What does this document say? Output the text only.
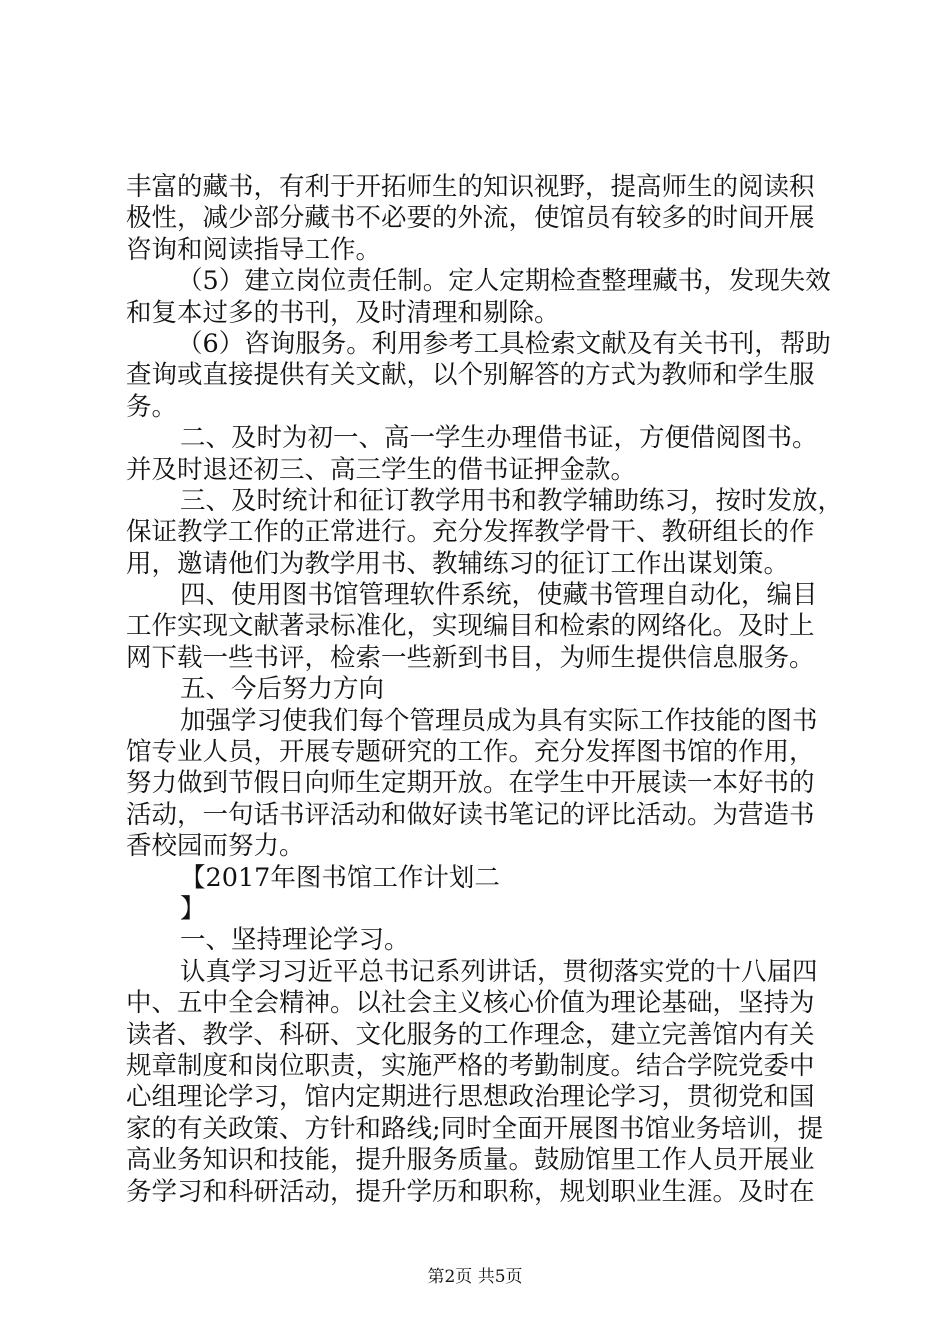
丰富的藏书，有利于开拓师生的知识视野，提高师生的阅读积
极性，减少部分藏书不必要的外流，使馆员有较多的时间开展
咨询和阅读指导工作。
（5）建立岗位责任制。定人定期检查整理藏书，发现失效
和复本过多的书刊，及时清理和剔除。
（6）咨询服务。利用参考工具检索文献及有关书刊，帮助
查询或直接提供有关文献，以个别解答的方式为教师和学生服
务。
二、及时为初一、高一学生办理借书证，方便借阅图书。
并及时退还初三、高三学生的借书证押金款。
三、及时统计和征订教学用书和教学辅助练习，按时发放，
保证教学工作的正常进行。充分发挥教学骨干、教研组长的作
用，邀请他们为教学用书、教辅练习的征订工作出谋划策。
四、使用图书馆管理软件系统，使藏书管理自动化，编目
工作实现文献著录标准化，实现编目和检索的网络化。及时上
网下载一些书评，检索一些新到书目，为师生提供信息服务。
五、今后努力方向
加强学习使我们每个管理员成为具有实际工作技能的图书
馆专业人员，开展专题研究的工作。充分发挥图书馆的作用，
努力做到节假日向师生定期开放。在学生中开展读一本好书的
活动，一句话书评活动和做好读书笔记的评比活动。为营造书
香校园而努力。
【2017年图书馆工作计划二
】
一、坚持理论学习。
认真学习习近平总书记系列讲话，贯彻落实党的十八届四
中、五中全会精神。以社会主义核心价值为理论基础，坚持为
读者、教学、科研、文化服务的工作理念，建立完善馆内有关
规章制度和岗位职责，实施严格的考勤制度。结合学院党委中
心组理论学习，馆内定期进行思想政治理论学习，贯彻党和国
家的有关政策、方针和路线;同时全面开展图书馆业务培训，提
高业务知识和技能，提升服务质量。鼓励馆里工作人员开展业
务学习和科研活动，提升学历和职称，规划职业生涯。及时在
第2页 共5页
